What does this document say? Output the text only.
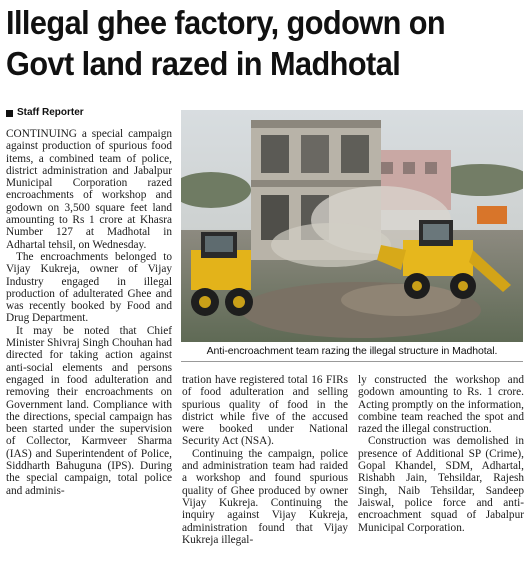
Illegal ghee factory, godown on
Govt land razed in Madhotal
Staff Reporter

CONTINUING a special campaign against production of spurious food items, a combined team of police, district administration and Jabalpur Municipal Corporation razed encroachments of workshop and godown on 3,500 square feet land amounting to Rs 1 crore at Khasra Number 127 at Madhotal in Adhartal tehsil, on Wednesday.

The encroachments belonged to Vijay Kukreja, owner of Vijay Industry engaged in illegal production of adulterated Ghee and was recently booked by Food and Drug Department.

It may be noted that Chief Minister Shivraj Singh Chouhan had directed for taking action against anti-social elements and persons engaged in food adulteration and removing their encroachments on Government land. Compliance with the directions, special campaign has been started under the supervision of Collector, Karmveer Sharma (IAS) and Superintendent of Police, Siddharth Bahuguna (IPS). During the special campaign, total police and adminis-

Anti-encroachment team razing the illegal structure in Madhotal.

tration have registered total 16 FIRs of food adulteration and selling spurious quality of food in the district while five of the accused were booked under National Security Act (NSA).

Continuing the campaign, police and administration team had raided a workshop and found spurious quality of Ghee produced by owner Vijay Kukreja. Continuing the inquiry against Vijay Kukreja, administration found that Vijay Kukreja illegal-

ly constructed the workshop and godown amounting to Rs. 1 crore. Acting promptly on the information, combine team reached the spot and razed the illegal construction.

Construction was demolished in presence of Additional SP (Crime), Gopal Khandel, SDM, Adhartal, Rishabh Jain, Tehsildar, Rajesh Singh, Naib Tehsildar, Sandeep Jaiswal, police force and anti-encroachment squad of Jabalpur Municipal Corporation.
